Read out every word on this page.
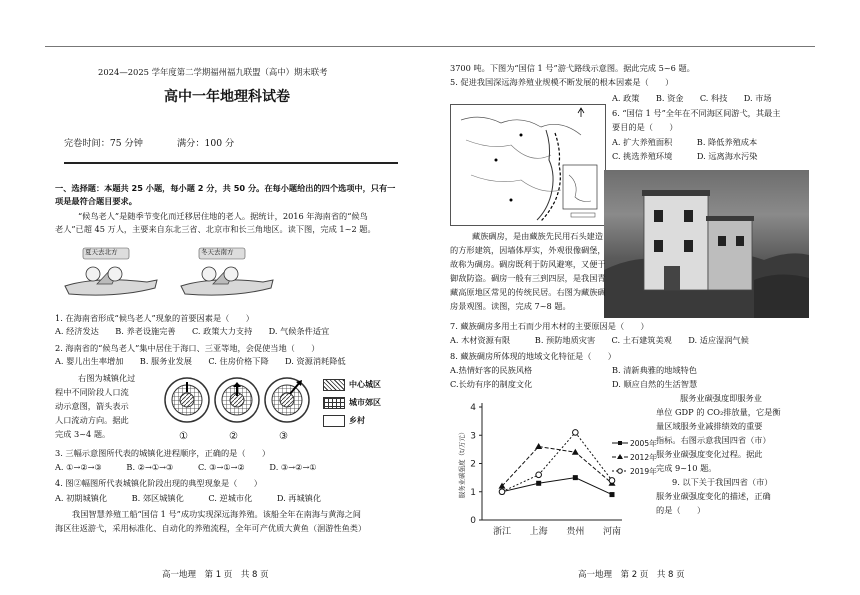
2024—2025 学年度第二学期福州福九联盟（高中）期末联考
高中一年地理科试卷
完卷时间：75 分钟	满分：100 分
一、选择题：本题共 25 小题，每小题 2 分，共 50 分。在每小题给出的四个选项中，只有一
项是最符合题目要求。
“候鸟老人”是随季节变化而迁移居住地的老人。据统计，2016 年海南省的“候鸟
老人”已超 45 万人，主要来自东北三省、北京市和长三角地区。读下图，完成 1~2 题。
夏天去北方	冬天去南方
1. 在海南省形成“候鸟老人”现象的首要因素是（　　）
A. 经济发达　　B. 养老设施完善　　C. 政策大力支持　　D. 气候条件适宜
2. 海南省的“候鸟老人”集中居住于海口、三亚等地，会促使当地（　　）
A. 婴儿出生率增加　　B. 服务业发展　　C. 住房价格下降　　D. 资源消耗降低
右图为城镇化过
程中不同阶段人口流
动示意图，箭头表示
人口流动方向。据此
完成 3~4 题。	①	②	③
中心城区
城市郊区
乡村
3. 三幅示意图所代表的城镇化进程顺序，正确的是（　　）
A. ①→②→③　　　B. ②→①→③　　　C. ③→①→②　　　D. ③→②→①
4. 图②幅图所代表城镇化阶段出现的典型现象是（　　）
A. 初期城镇化　　　B. 郊区城镇化　　　C. 逆城市化　　　D. 再城镇化
我国智慧养殖工船“国信 1 号”成功实现深远海养殖。该船全年在南海与黄海之间
海区往返游弋，采用标准化、自动化的养殖流程，全年可产优质大黄鱼（洄游性鱼类）
高一地理　第 1 页　共 8 页
3700 吨。下图为“国信 1 号”游弋路线示意图。据此完成 5~6 题。
5. 促进我国深远海养殖业规模不断发展的根本因素是（　　）
A. 政策　　B. 资金　　C. 科技　　D. 市场
6. “国信 1 号”全年在不同海区间游弋，其最主
要目的是（　　）
A. 扩大养殖面积　　　B. 降低养殖成本
C. 挑选养殖环境　　　D. 远离海水污染
藏族碉房，是由藏族先民用石头建造
的方形建筑，因墙体厚实，外观很像碉堡，
故称为碉房。碉房既利于防风避寒，又便于
御敌防盗。碉房一般有三到四层，是我国青
藏高原地区常见的传统民居。右图为藏族碉
房景观图。读图，完成 7~8 题。
7. 藏族碉房多用土石而少用木材的主要原因是（　　）
A. 木材资源有限　　　B. 预防地质灾害　　C. 土石建筑美观　　D. 适应湿润气候
8. 藏族碉房所体现的地域文化特征是（　　）
A.热情好客的民族风格	B. 清新典雅的地域特色
C.长幼有序的制度文化	D. 顺应自然的生活智慧
0
1
2
3
4
浙江 上海 贵州 河南
服务业碳强度（t/万元）	2005年
2012年
2019年
服务业碳强度即服务业
单位 GDP 的 CO₂排放量，它是衡
量区域服务业减排绩效的重要
指标。右图示意我国四省（市）
服务业碳强度变化过程。据此
完成 9~10 题。
9. 以下关于我国四省（市）
服务业碳强度变化的描述，正确
的是（　　）
高一地理　第 2 页　共 8 页
